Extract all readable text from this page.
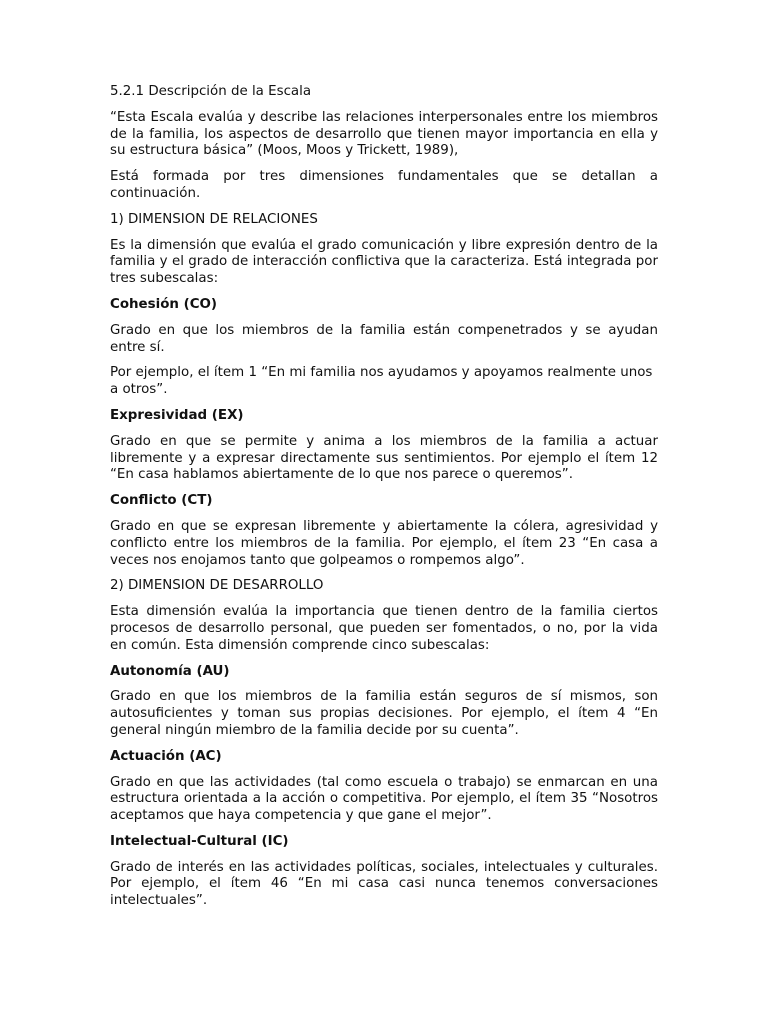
5.2.1 Descripción de la Escala
“Esta Escala evalúa y describe las relaciones interpersonales entre los miembros de la familia, los aspectos de desarrollo que tienen mayor importancia en ella y su estructura básica” (Moos, Moos y Trickett, 1989),
Está formada por tres dimensiones fundamentales que se detallan a continuación.
1) DIMENSION DE RELACIONES
Es la dimensión que evalúa el grado comunicación y libre expresión dentro de la familia y el grado de interacción conflictiva que la caracteriza. Está integrada por tres subescalas:
Cohesión (CO)
Grado en que los miembros de la familia están compenetrados y se ayudan entre sí.
Por ejemplo, el ítem 1 “En mi familia nos ayudamos y apoyamos realmente unos a otros”.
Expresividad (EX)
Grado en que se permite y anima a los miembros de la familia a actuar libremente y a expresar directamente sus sentimientos. Por ejemplo el ítem 12 “En casa hablamos abiertamente de lo que nos parece o queremos”.
Conflicto (CT)
Grado en que se expresan libremente y abiertamente la cólera, agresividad y conflicto entre los miembros de la familia. Por ejemplo, el ítem 23 “En casa a veces nos enojamos tanto que golpeamos o rompemos algo”.
2) DIMENSION DE DESARROLLO
Esta dimensión evalúa la importancia que tienen dentro de la familia ciertos procesos de desarrollo personal, que pueden ser fomentados, o no, por la vida en común. Esta dimensión comprende cinco subescalas:
Autonomía (AU)
Grado en que los miembros de la familia están seguros de sí mismos, son autosuficientes y toman sus propias decisiones. Por ejemplo, el ítem 4 “En general ningún miembro de la familia decide por su cuenta”.
Actuación (AC)
Grado en que las actividades (tal como escuela o trabajo) se enmarcan en una estructura orientada a la acción o competitiva. Por ejemplo, el ítem 35 “Nosotros aceptamos que haya competencia y que gane el mejor”.
Intelectual-Cultural (IC)
Grado de interés en las actividades políticas, sociales, intelectuales y culturales. Por ejemplo, el ítem 46 “En mi casa casi nunca tenemos conversaciones intelectuales”.
